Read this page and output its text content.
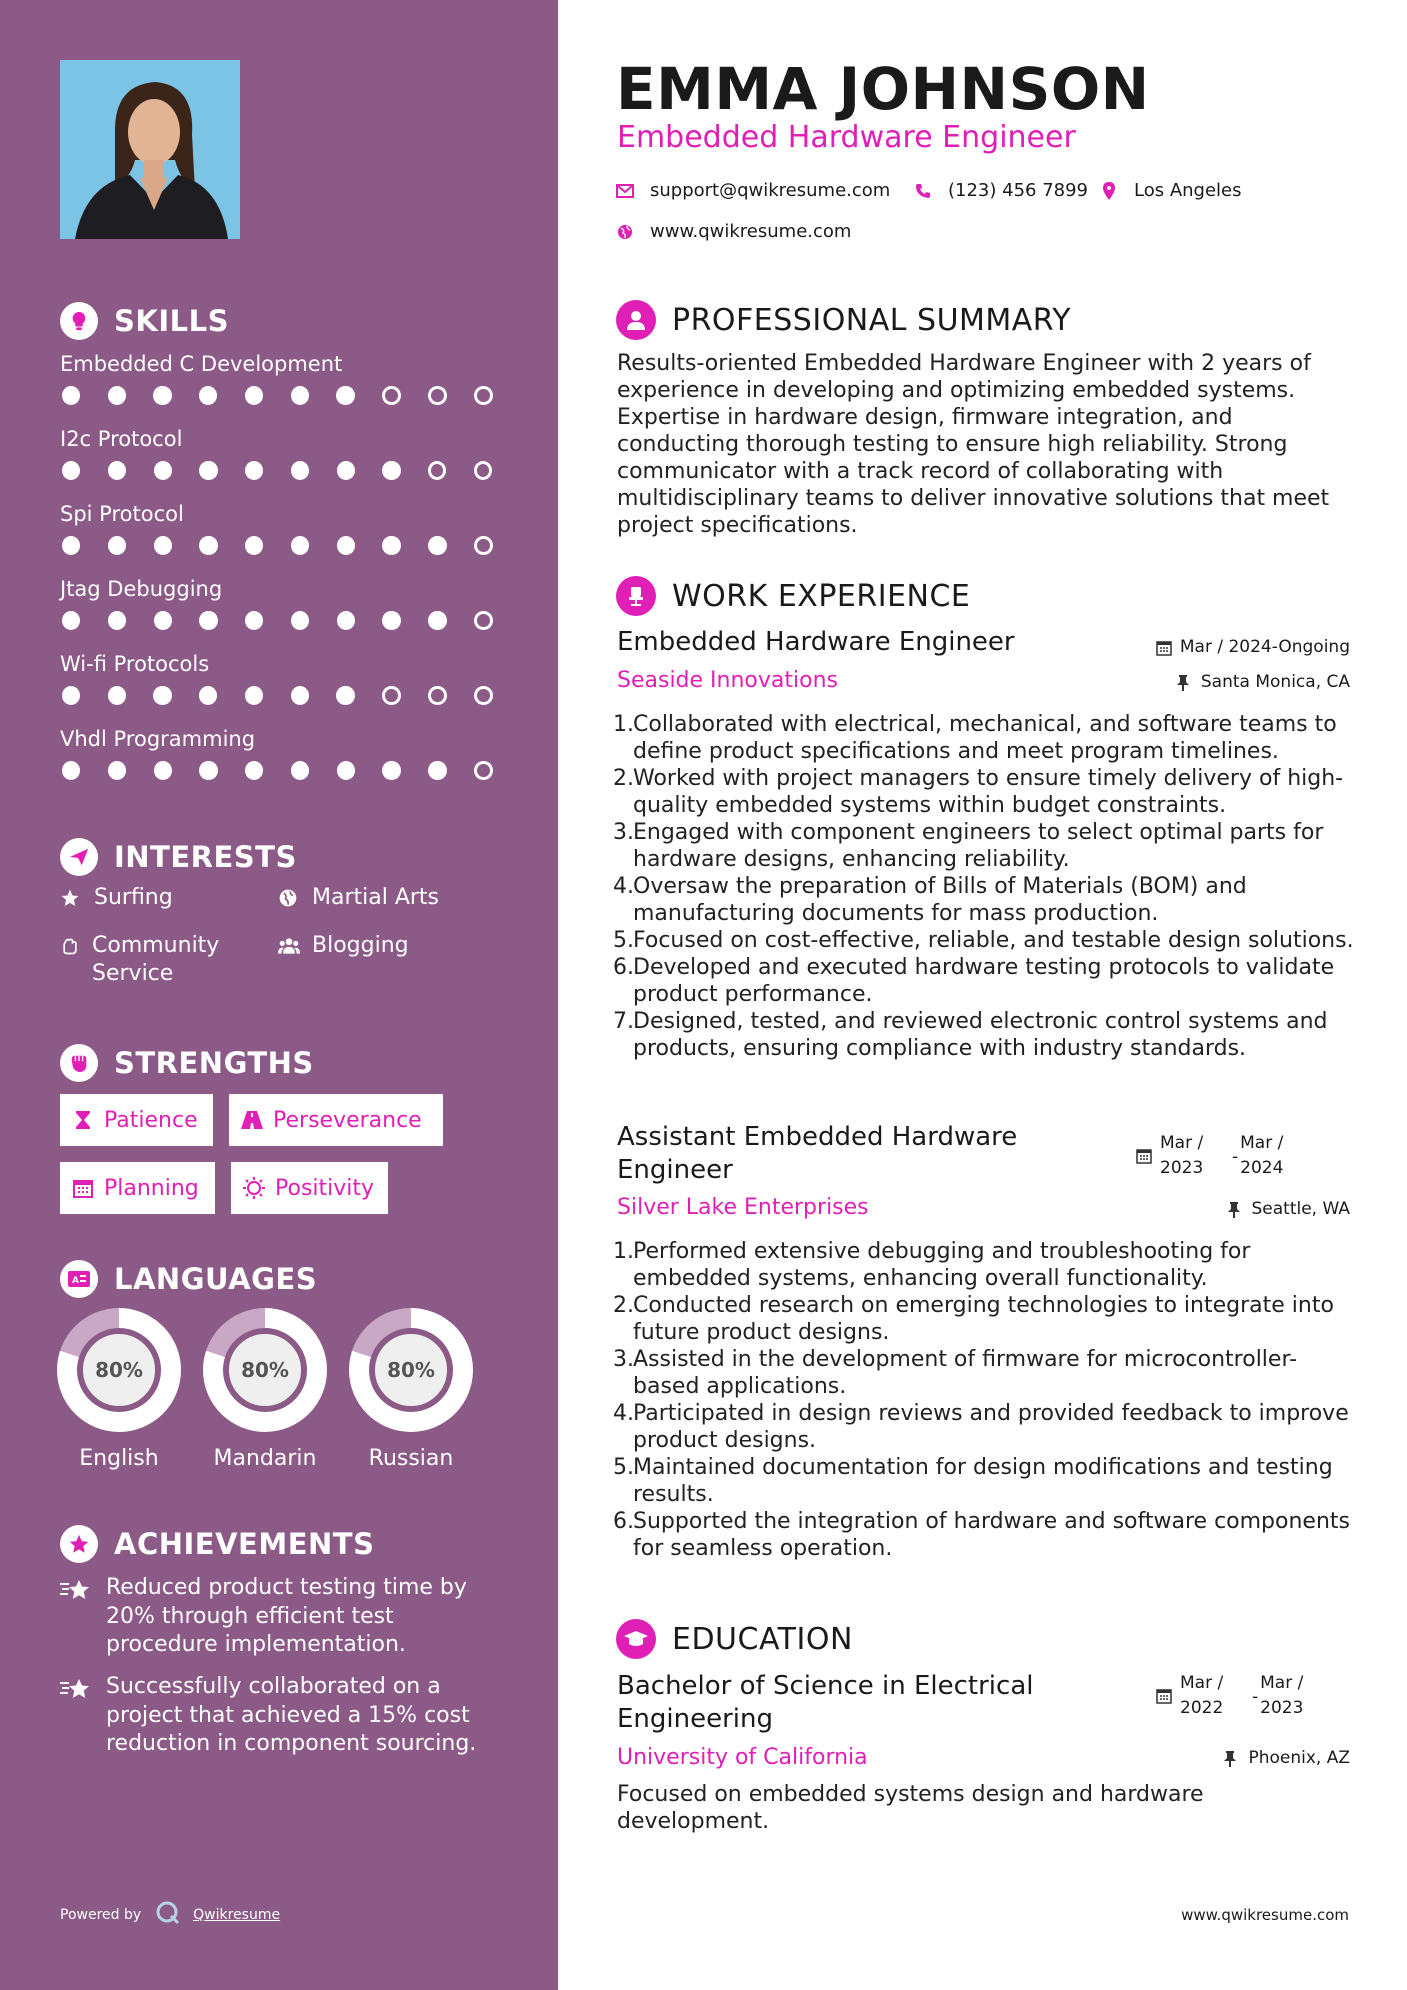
SKILLS
Embedded C Development
I2c Protocol
Spi Protocol
Jtag Debugging
Wi-fi Protocols
Vhdl Programming
INTERESTS
Surfing	Martial Arts
Community Service
Blogging
STRENGTHS
Patience	Perseverance
Planning	Positivity
A LANGUAGES
80%
English
80%
Mandarin
80%
Russian
ACHIEVEMENTS
Reduced product testing time by 20% through efficient test procedure implementation.
Successfully collaborated on a project that achieved a 15% cost reduction in component sourcing.
Powered by	Qwikresume
EMMA JOHNSON
Embedded Hardware Engineer
support@qwikresume.com	(123) 456 7899	Los Angeles
www.qwikresume.com
PROFESSIONAL SUMMARY
Results-oriented Embedded Hardware Engineer with 2 years of experience in developing and optimizing embedded systems. Expertise in hardware design, firmware integration, and conducting thorough testing to ensure high reliability. Strong communicator with a track record of collaborating with multidisciplinary teams to deliver innovative solutions that meet project specifications.
WORK EXPERIENCE
Embedded Hardware Engineer
Seaside Innovations
Mar / 2024-Ongoing
Santa Monica, CA
1. Collaborated with electrical, mechanical, and software teams to define product specifications and meet program timelines.
2. Worked with project managers to ensure timely delivery of high-quality embedded systems within budget constraints.
3. Engaged with component engineers to select optimal parts for hardware designs, enhancing reliability.
4. Oversaw the preparation of Bills of Materials (BOM) and manufacturing documents for mass production.
5. Focused on cost-effective, reliable, and testable design solutions.
6. Developed and executed hardware testing protocols to validate product performance.
7. Designed, tested, and reviewed electronic control systems and products, ensuring compliance with industry standards.
Assistant Embedded Hardware Engineer
Silver Lake Enterprises
Mar / 2023
-
Mar / 2024
Seattle, WA
1. Performed extensive debugging and troubleshooting for embedded systems, enhancing overall functionality.
2. Conducted research on emerging technologies to integrate into future product designs.
3. Assisted in the development of firmware for microcontroller-based applications.
4. Participated in design reviews and provided feedback to improve product designs.
5. Maintained documentation for design modifications and testing results.
6. Supported the integration of hardware and software components for seamless operation.
EDUCATION
Bachelor of Science in Electrical Engineering
University of California
Mar / 2022
-
Mar / 2023
Phoenix, AZ
Focused on embedded systems design and hardware development.
www.qwikresume.com
